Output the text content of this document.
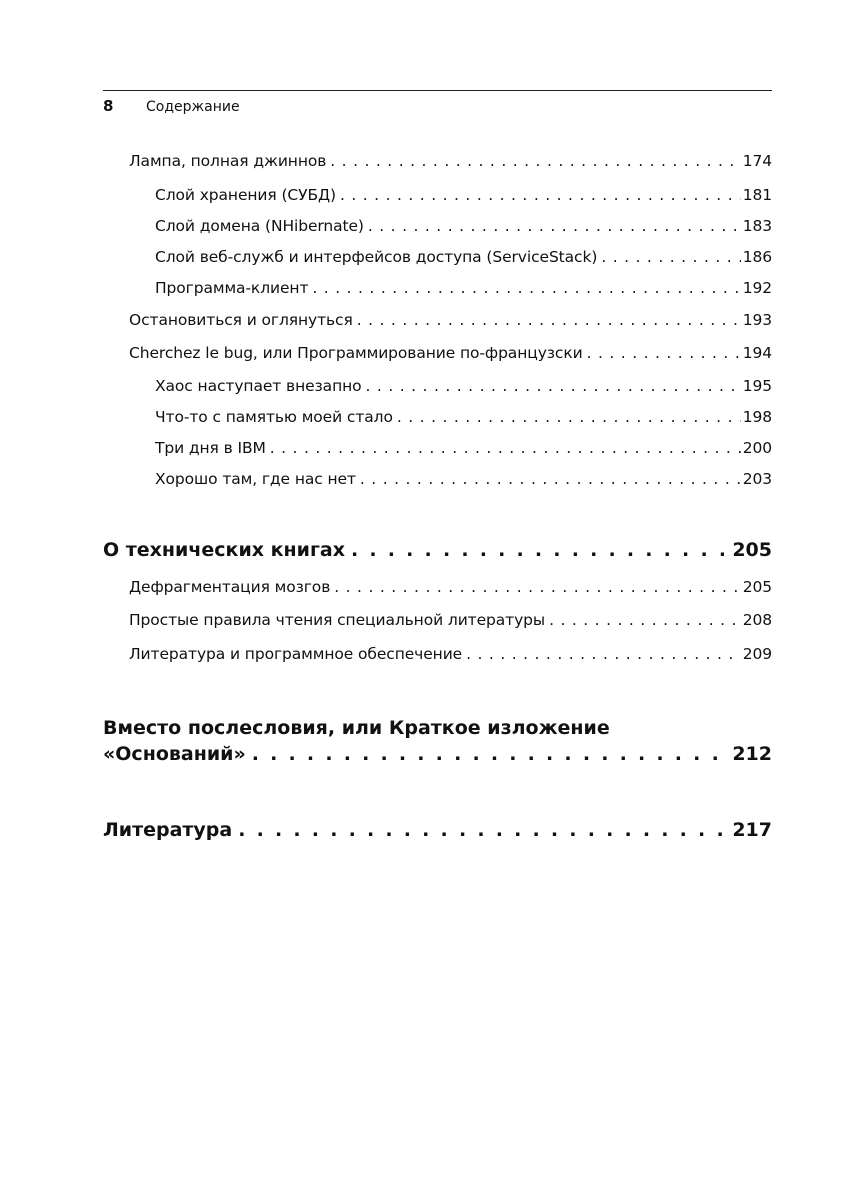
8 Содержание
Лампа, полная джиннов . . .	174
Слой хранения (СУБД) . . .	181
Слой домена (NHibernate) . . .	183
Слой веб-служб и интерфейсов доступа (ServiceStack) . . .	186
Программа-клиент . . .	192
Остановиться и оглянуться . . .	193
Cherchez le bug, или Программирование по-французски . . .	194
Хаос наступает внезапно . . .	195
Что-то с памятью моей стало . . .	198
Три дня в IBM . . .	200
Хорошо там, где нас нет . . .	203
О технических книгах . . .	205
Дефрагментация мозгов . . .	205
Простые правила чтения специальной литературы . . .	208
Литература и программное обеспечение . . .	209
Вместо послесловия, или Краткое изложение
«Оснований» . . .	212
Литература . . .	217
